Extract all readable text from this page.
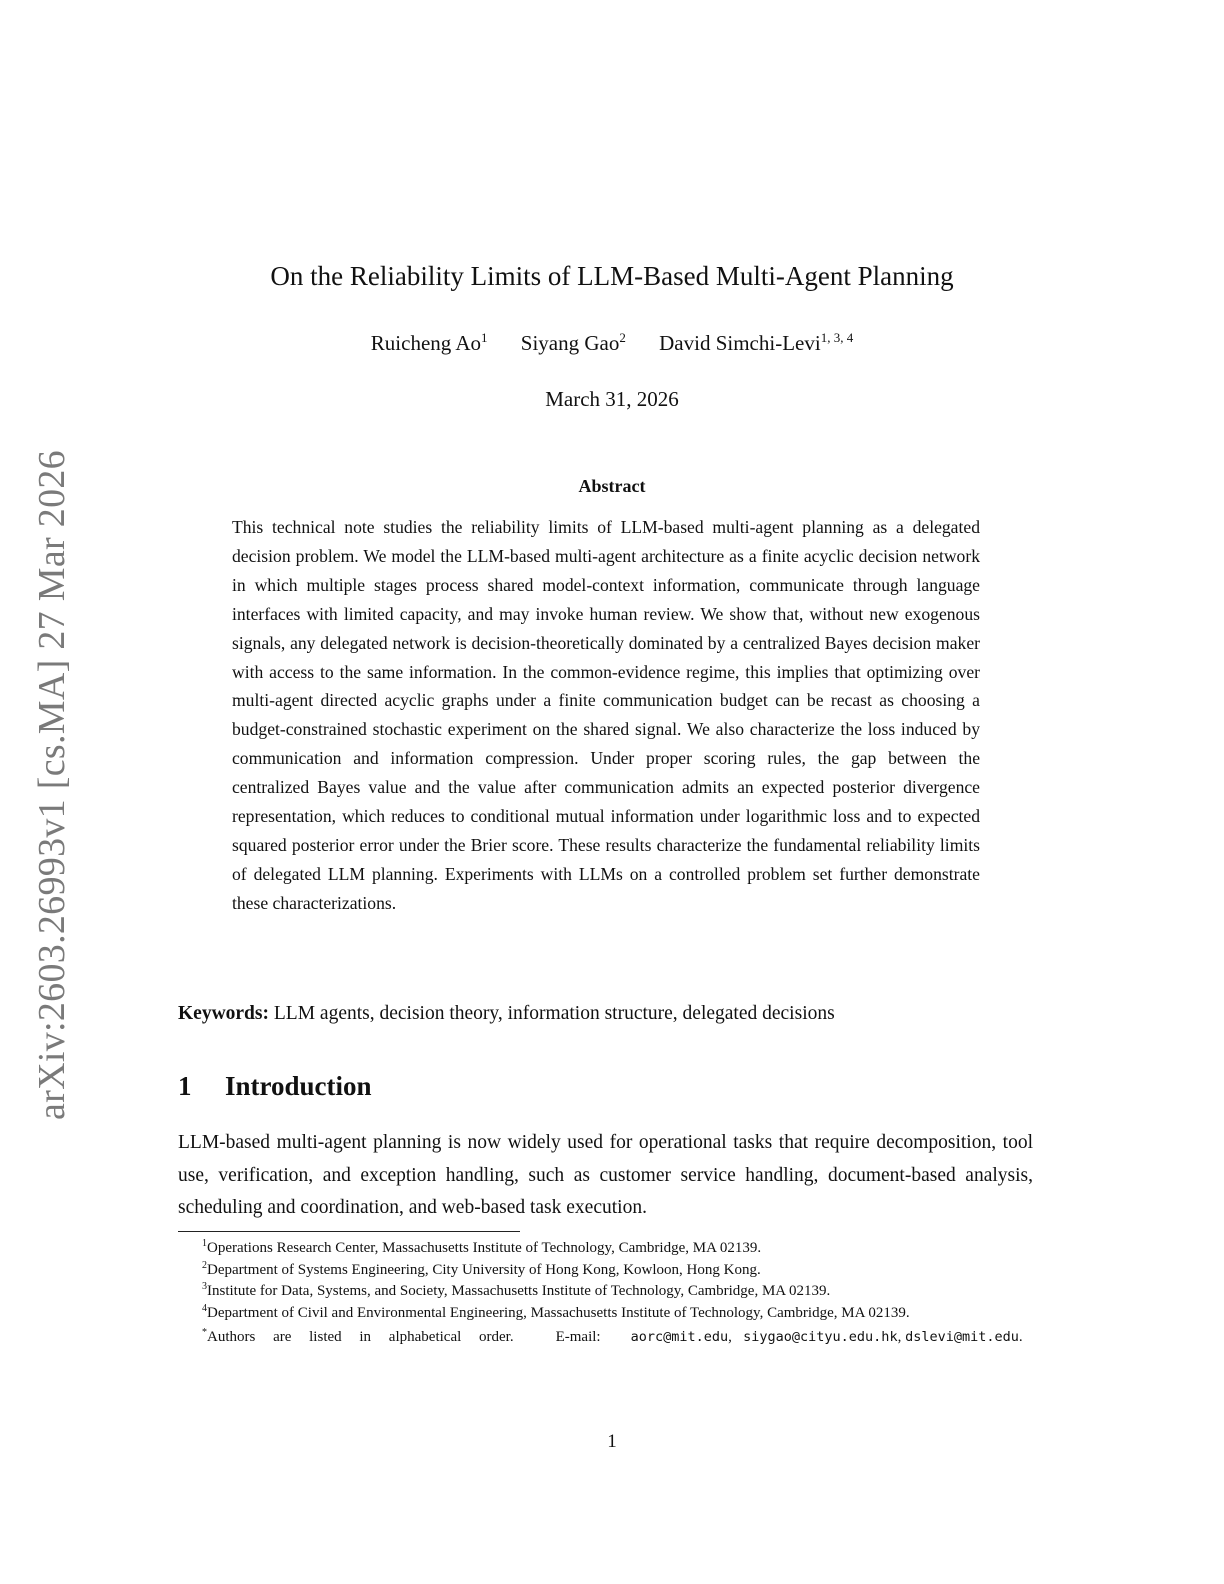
arXiv:2603.26993v1 [cs.MA] 27 Mar 2026
On the Reliability Limits of LLM-Based Multi-Agent Planning
Ruicheng Ao$^1$ Siyang Gao$^2$ David Simchi-Levi$^{1, 3, 4}$
March 31, 2026
Abstract
This technical note studies the reliability limits of LLM-based multi-agent planning as a delegated decision problem. We model the LLM-based multi-agent architecture as a finite acyclic decision network in which multiple stages process shared model-context information, communicate through language interfaces with limited capacity, and may invoke human review. We show that, without new exogenous signals, any delegated network is decision-theoretically dominated by a centralized Bayes decision maker with access to the same information. In the common-evidence regime, this implies that optimizing over multi-agent directed acyclic graphs under a finite communication budget can be recast as choosing a budget-constrained stochastic experiment on the shared signal. We also characterize the loss induced by communication and information compression. Under proper scoring rules, the gap between the centralized Bayes value and the value after communication admits an expected posterior divergence representation, which reduces to conditional mutual information under logarithmic loss and to expected squared posterior error under the Brier score. These results characterize the fundamental reliability limits of delegated LLM planning. Experiments with LLMs on a controlled problem set further demonstrate these characterizations.
Keywords: LLM agents, decision theory, information structure, delegated decisions
1 Introduction
LLM-based multi-agent planning is now widely used for operational tasks that require decomposition, tool use, verification, and exception handling, such as customer service handling, document-based analysis, scheduling and coordination, and web-based task execution.

$^1$Operations Research Center, Massachusetts Institute of Technology, Cambridge, MA 02139.

$^2$Department of Systems Engineering, City University of Hong Kong, Kowloon, Hong Kong.

$^3$Institute for Data, Systems, and Society, Massachusetts Institute of Technology, Cambridge, MA 02139.

$^4$Department of Civil and Environmental Engineering, Massachusetts Institute of Technology, Cambridge, MA 02139.

*Authors are listed in alphabetical order.	E-mail: aorc@mit.edu,   siygao@cityu.edu.hk, dslevi@mit.edu.

1
